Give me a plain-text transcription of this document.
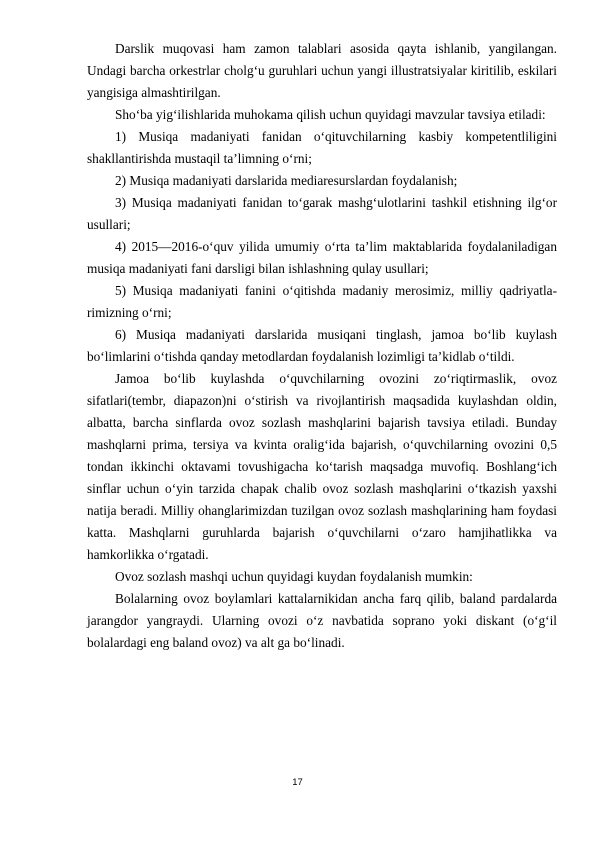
Darslik muqovasi ham zamon talablari asosida qayta ishlanib, yangilangan. Undagi barcha orkestrlar cholg‘u guruhlari uchun yangi illustratsiyalar kiritilib, eskilari yangisiga almashtirilgan.

Sho‘ba yig‘ilishlarida muhokama qilish uchun quyidagi mavzular tavsiya etiladi:

1) Musiqa madaniyati fanidan o‘qituvchilarning kasbiy kompetentliligini shakllantirishda mustaqil ta’limning o‘rni;

2) Musiqa madaniyati darslarida mediaresurslardan foydalanish;

3) Musiqa madaniyati fanidan to‘garak mashg‘ulotlarini tashkil etishning ilg‘or usullari;

4) 2015—2016-o‘quv yilida umumiy o‘rta ta’lim maktablarida foydalaniladigan musiqa madaniyati fani darsligi bilan ishlashning qulay usullari;

5) Musiqa madaniyati fanini o‘qitishda madaniy merosimiz, milliy qadriyatla-rimizning o‘rni;

6) Musiqa madaniyati darslarida musiqani tinglash, jamoa bo‘lib kuylash bo‘limlarini o‘tishda qanday metodlardan foydalanish lozimligi ta’kidlab o‘tildi.

Jamoa bo‘lib kuylashda o‘quvchilarning ovozini zo‘riqtirmaslik, ovoz sifatlari(tembr, diapazon)ni o‘stirish va rivojlantirish maqsadida kuylashdan oldin, albatta, barcha sinflarda ovoz sozlash mashqlarini bajarish tavsiya etiladi. Bunday mashqlarni prima, tersiya va kvinta oralig‘ida bajarish, o‘quvchilarning ovozini 0,5 tondan ikkinchi oktavami tovushigacha ko‘tarish maqsadga muvofiq. Boshlang‘ich sinflar uchun o‘yin tarzida chapak chalib ovoz sozlash mashqlarini o‘tkazish yaxshi natija beradi. Milliy ohanglarimizdan tuzilgan ovoz sozlash mashqlarining ham foydasi katta. Mashqlarni guruhlarda bajarish o‘quvchilarni o‘zaro hamjihatlikka va hamkorlikka o‘rgatadi.

Ovoz sozlash mashqi uchun quyidagi kuydan foydalanish mumkin:

Bolalarning ovoz boylamlari kattalarnikidan ancha farq qilib, baland pardalarda jarangdor yangraydi. Ularning ovozi o‘z navbatida soprano yoki diskant (o‘g‘il bolalardagi eng baland ovoz) va alt ga bo‘linadi.

17
